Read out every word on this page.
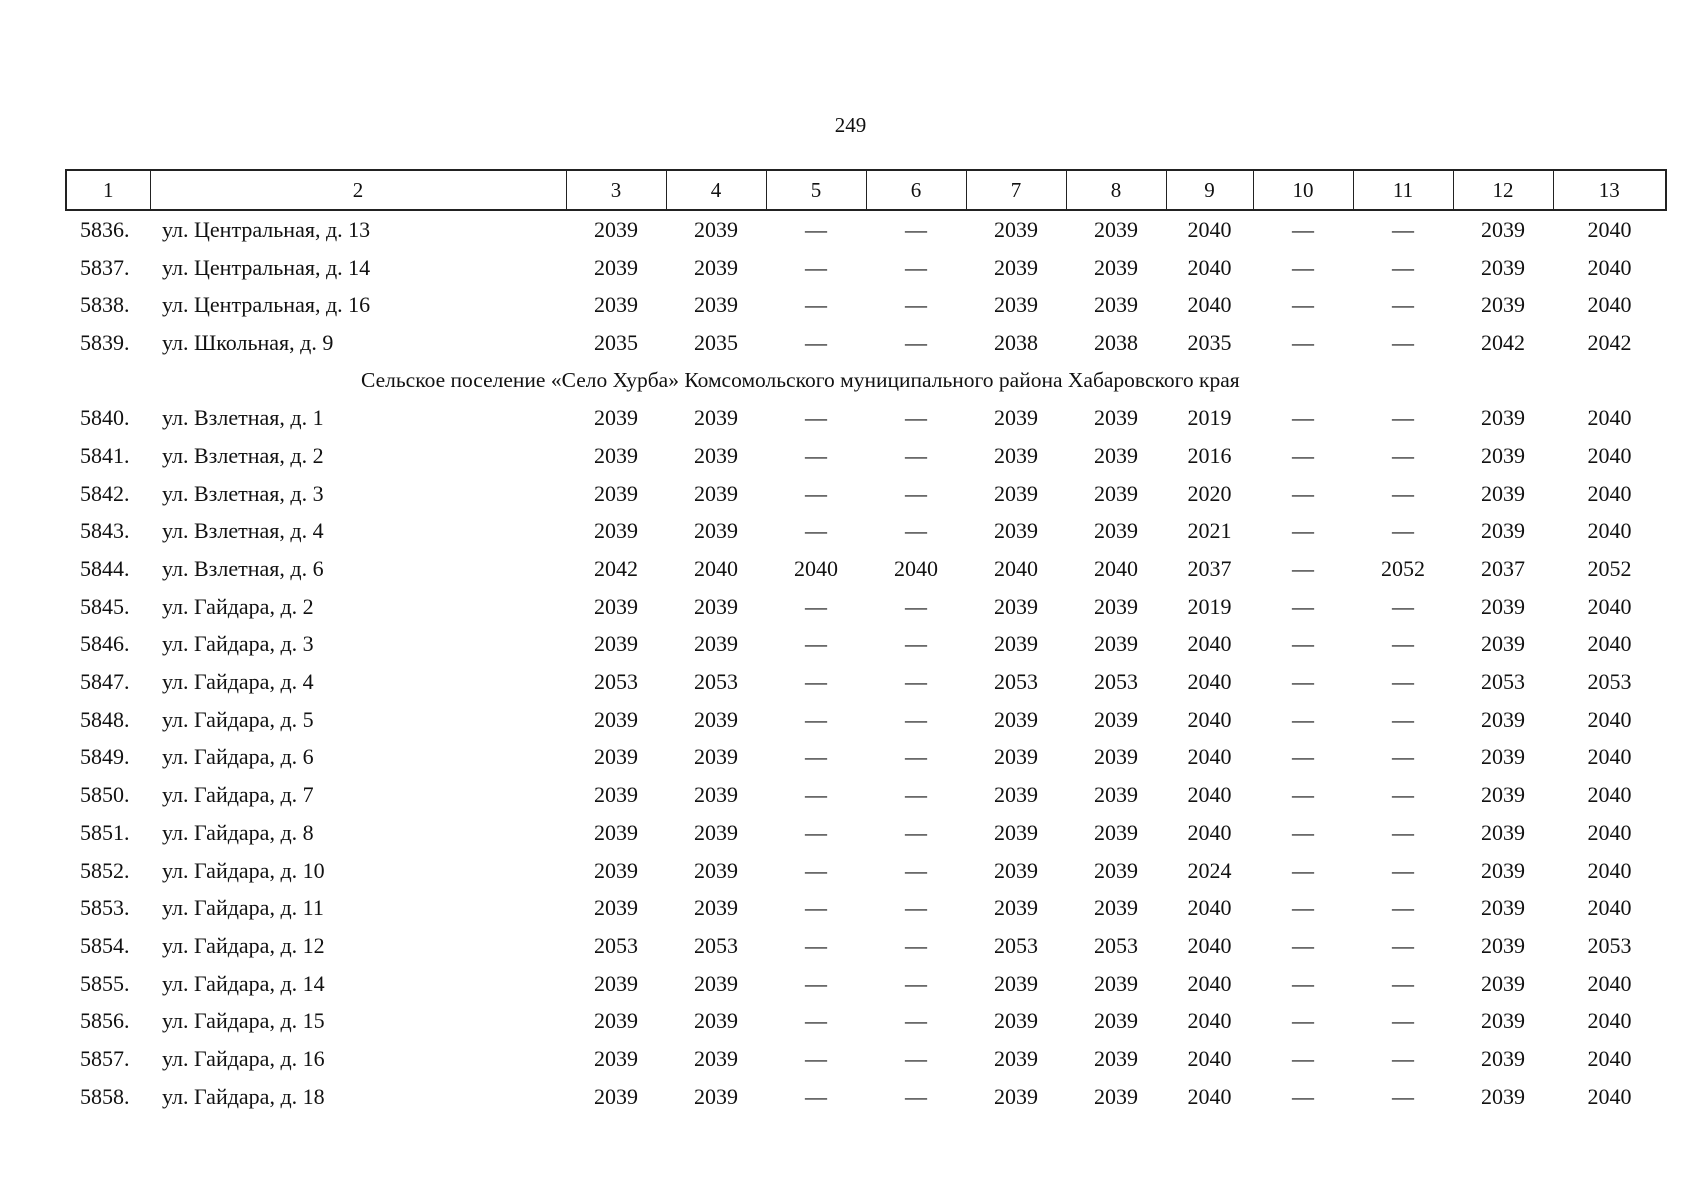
249
1	2	3	4	5	6	7	8	9	10	11	12	13
5836.	ул. Центральная, д. 13	2039	2039	—	—	2039	2039	2040	—	—	2039	2040
5837.	ул. Центральная, д. 14	2039	2039	—	—	2039	2039	2040	—	—	2039	2040
5838.	ул. Центральная, д. 16	2039	2039	—	—	2039	2039	2040	—	—	2039	2040
5839.	ул. Школьная, д. 9	2035	2035	—	—	2038	2038	2035	—	—	2042	2042
Сельское поселение «Село Хурба» Комсомольского муниципального района Хабаровского края												
5840.	ул. Взлетная, д. 1	2039	2039	—	—	2039	2039	2019	—	—	2039	2040
5841.	ул. Взлетная, д. 2	2039	2039	—	—	2039	2039	2016	—	—	2039	2040
5842.	ул. Взлетная, д. 3	2039	2039	—	—	2039	2039	2020	—	—	2039	2040
5843.	ул. Взлетная, д. 4	2039	2039	—	—	2039	2039	2021	—	—	2039	2040
5844.	ул. Взлетная, д. 6	2042	2040	2040	2040	2040	2040	2037	—	2052	2037	2052
5845.	ул. Гайдара, д. 2	2039	2039	—	—	2039	2039	2019	—	—	2039	2040
5846.	ул. Гайдара, д. 3	2039	2039	—	—	2039	2039	2040	—	—	2039	2040
5847.	ул. Гайдара, д. 4	2053	2053	—	—	2053	2053	2040	—	—	2053	2053
5848.	ул. Гайдара, д. 5	2039	2039	—	—	2039	2039	2040	—	—	2039	2040
5849.	ул. Гайдара, д. 6	2039	2039	—	—	2039	2039	2040	—	—	2039	2040
5850.	ул. Гайдара, д. 7	2039	2039	—	—	2039	2039	2040	—	—	2039	2040
5851.	ул. Гайдара, д. 8	2039	2039	—	—	2039	2039	2040	—	—	2039	2040
5852.	ул. Гайдара, д. 10	2039	2039	—	—	2039	2039	2024	—	—	2039	2040
5853.	ул. Гайдара, д. 11	2039	2039	—	—	2039	2039	2040	—	—	2039	2040
5854.	ул. Гайдара, д. 12	2053	2053	—	—	2053	2053	2040	—	—	2039	2053
5855.	ул. Гайдара, д. 14	2039	2039	—	—	2039	2039	2040	—	—	2039	2040
5856.	ул. Гайдара, д. 15	2039	2039	—	—	2039	2039	2040	—	—	2039	2040
5857.	ул. Гайдара, д. 16	2039	2039	—	—	2039	2039	2040	—	—	2039	2040
5858.	ул. Гайдара, д. 18	2039	2039	—	—	2039	2039	2040	—	—	2039	2040
